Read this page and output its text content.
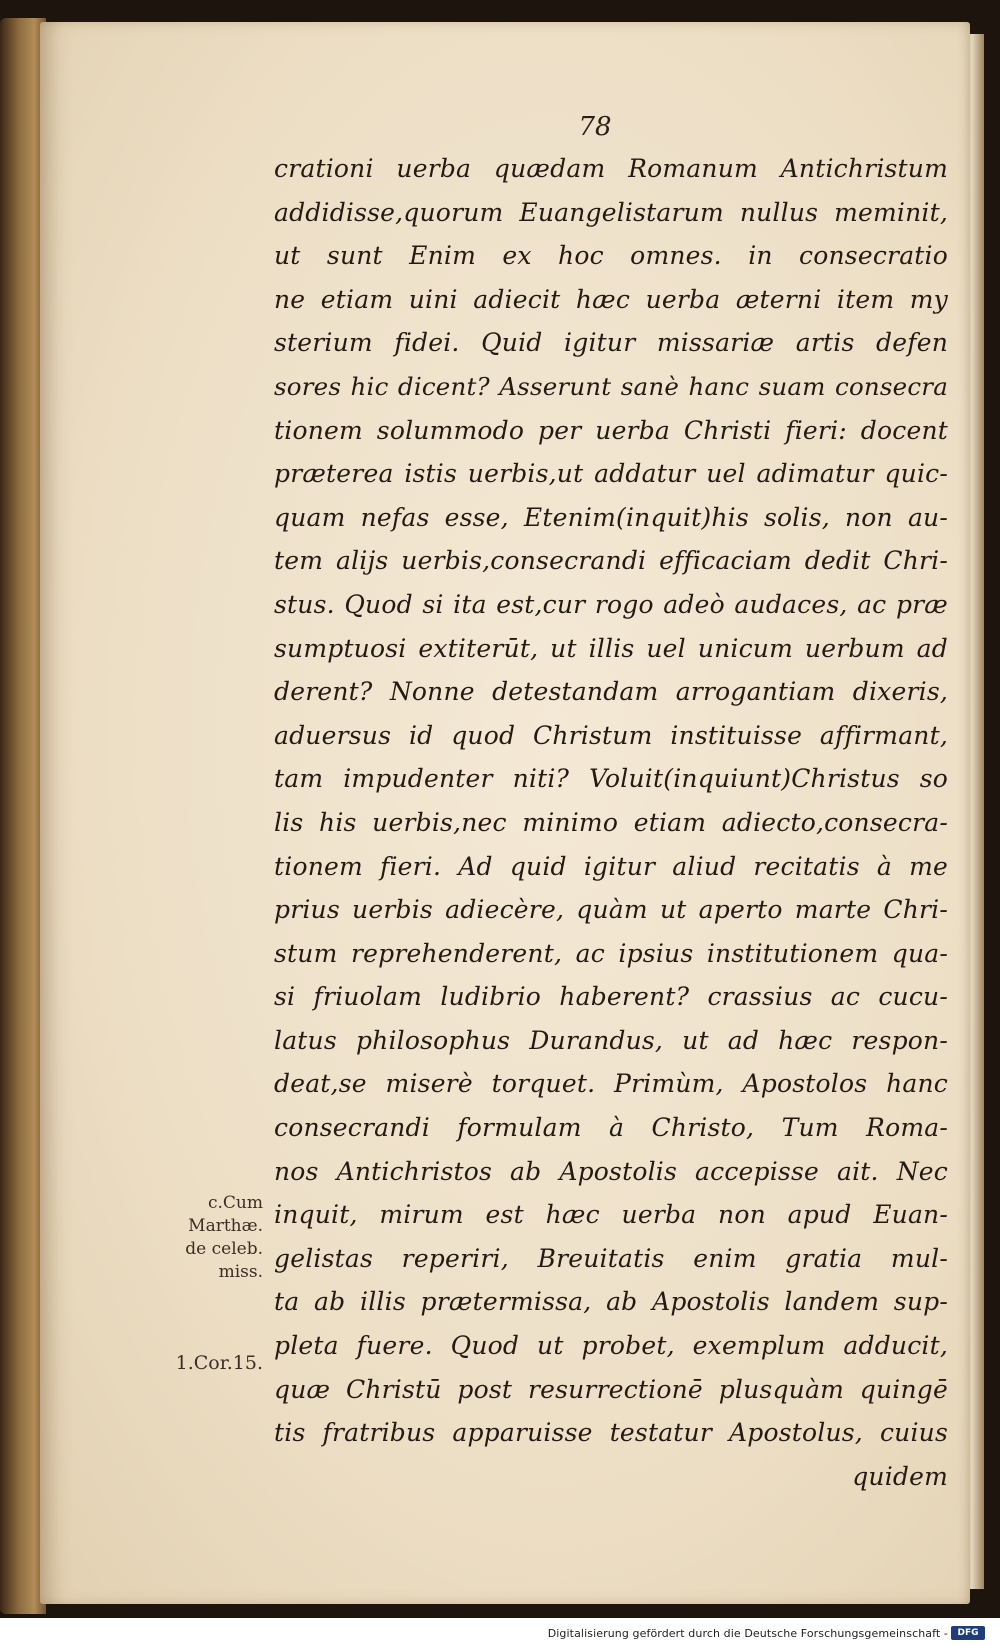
78
crationi uerba quædam Romanum Antichristum
addidisse,quorum Euangelistarum nullus meminit,
ut sunt Enim ex hoc omnes. in consecratio
ne etiam uini adiecit hæc uerba æterni item my
sterium fidei. Quid igitur missariæ artis defen
sores hic dicent? Asserunt sanè hanc suam consecra
tionem solummodo per uerba Christi fieri: docent
præterea istis uerbis,ut addatur uel adimatur quic-
quam nefas esse, Etenim(inquit)his solis, non au-
tem alijs uerbis,consecrandi efficaciam dedit Chri-
stus. Quod si ita est,cur rogo adeò audaces, ac præ
sumptuosi extiterūt, ut illis uel unicum uerbum ad
derent? Nonne detestandam arrogantiam dixeris,
aduersus id quod Christum instituisse affirmant,
tam impudenter niti? Voluit(inquiunt)Christus so
lis his uerbis,nec minimo etiam adiecto,consecra-
tionem fieri. Ad quid igitur aliud recitatis à me
prius uerbis adiecère, quàm ut aperto marte Chri-
stum reprehenderent, ac ipsius institutionem qua-
si friuolam ludibrio haberent? crassius ac cucu-
latus philosophus Durandus, ut ad hæc respon-
deat,se miserè torquet. Primùm, Apostolos hanc
consecrandi formulam à Christo, Tum Roma-
nos Antichristos ab Apostolis accepisse ait. Nec
inquit, mirum est hæc uerba non apud Euan-
gelistas reperiri, Breuitatis enim gratia mul-
ta ab illis prætermissa, ab Apostolis landem sup-
pleta fuere. Quod ut probet, exemplum adducit,
quæ Christū post resurrectionē plusquàm quingē
tis fratribus apparuisse testatur Apostolus, cuius
quidem
c.Cum
Marthæ.
de celeb.
miss.
1.Cor.15.
Digitalisierung gefördert durch die Deutsche Forschungsgemeinschaft -	DFG
